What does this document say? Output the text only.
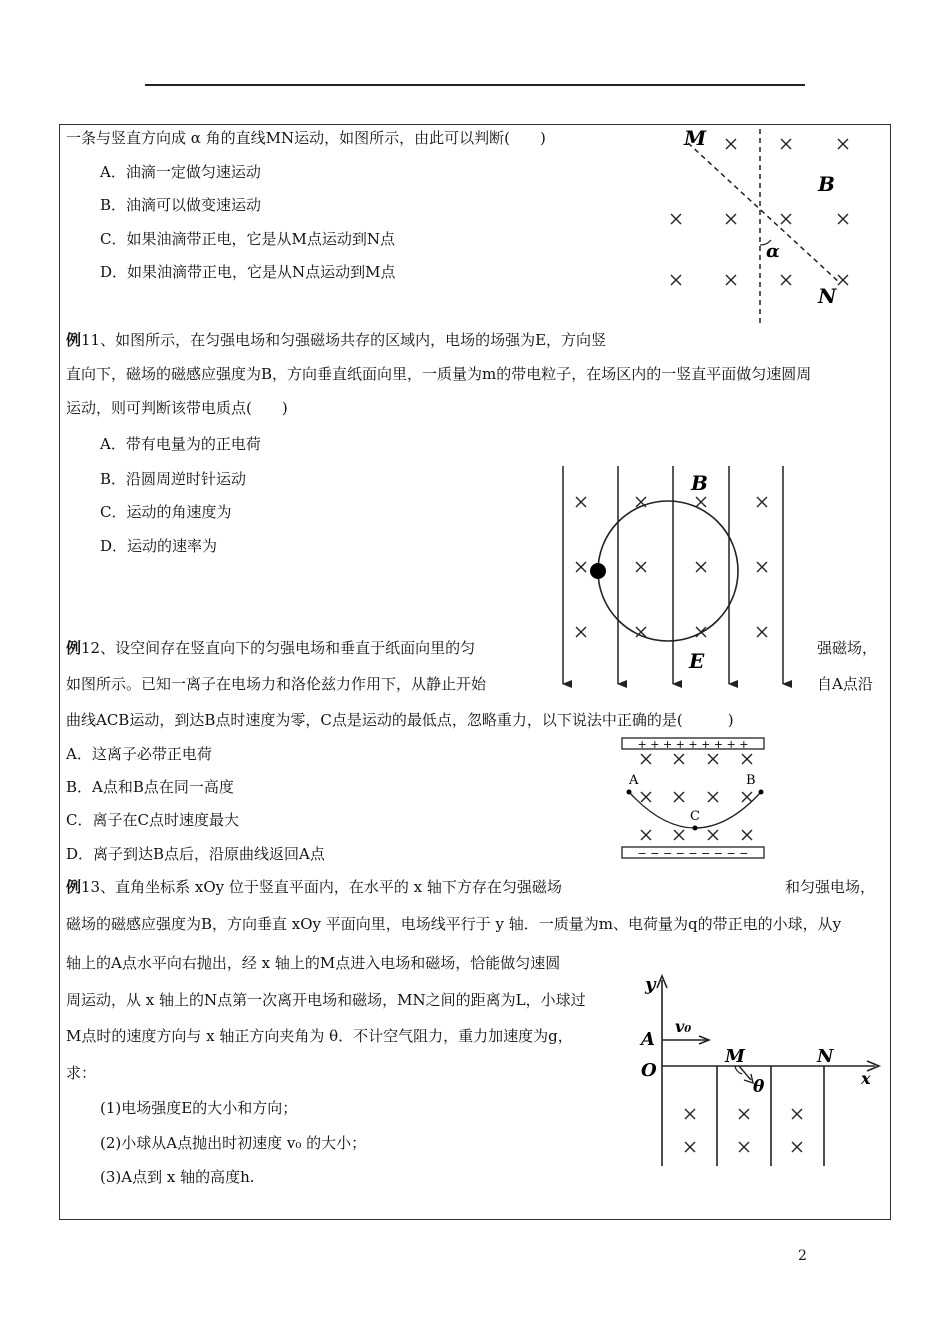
一条与竖直方向成 α 角的直线MN运动，如图所示，由此可以判断(　　)
A．油滴一定做匀速运动
B．油滴可以做变速运动
C．如果油滴带正电，它是从M点运动到N点
D．如果油滴带正电，它是从N点运动到M点
M
B
α
N
例11、如图所示，在匀强电场和匀强磁场共存的区域内，电场的场强为E，方向竖
直向下，磁场的磁感应强度为B，方向垂直纸面向里，一质量为m的带电粒子，在场区内的一竖直平面做匀速圆周
运动，则可判断该带电质点(　　)
A．带有电量为的正电荷
B．沿圆周逆时针运动
C．运动的角速度为
D．运动的速率为
B
E
例12、设空间存在竖直向下的匀强电场和垂直于纸面向里的匀	强磁场，
如图所示。已知一离子在电场力和洛伦兹力作用下，从静止开始	自A点沿
曲线ACB运动，到达B点时速度为零，C点是运动的最低点，忽略重力，以下说法中正确的是(　　　)
A．这离子必带正电荷
B．A点和B点在同一高度
C．离子在C点时速度最大
D．离子到达B点后，沿原曲线返回A点
+ + + + + + + + +
− − − − − − − − −
A	B
C
例13、直角坐标系 xOy 位于竖直平面内，在水平的 x 轴下方存在匀强磁场	和匀强电场，
磁场的磁感应强度为B，方向垂直 xOy 平面向里，电场线平行于 y 轴．一质量为m、电荷量为q的带正电的小球，从y
轴上的A点水平向右抛出，经 x 轴上的M点进入电场和磁场，恰能做匀速圆
周运动，从 x 轴上的N点第一次离开电场和磁场，MN之间的距离为L，小球过
M点时的速度方向与 x 轴正方向夹角为 θ．不计空气阻力，重力加速度为g，
求：
(1)电场强度E的大小和方向；
(2)小球从A点抛出时初速度 v₀ 的大小；
(3)A点到 x 轴的高度h.
y
v₀
A
O
M	N
θ	x
2
